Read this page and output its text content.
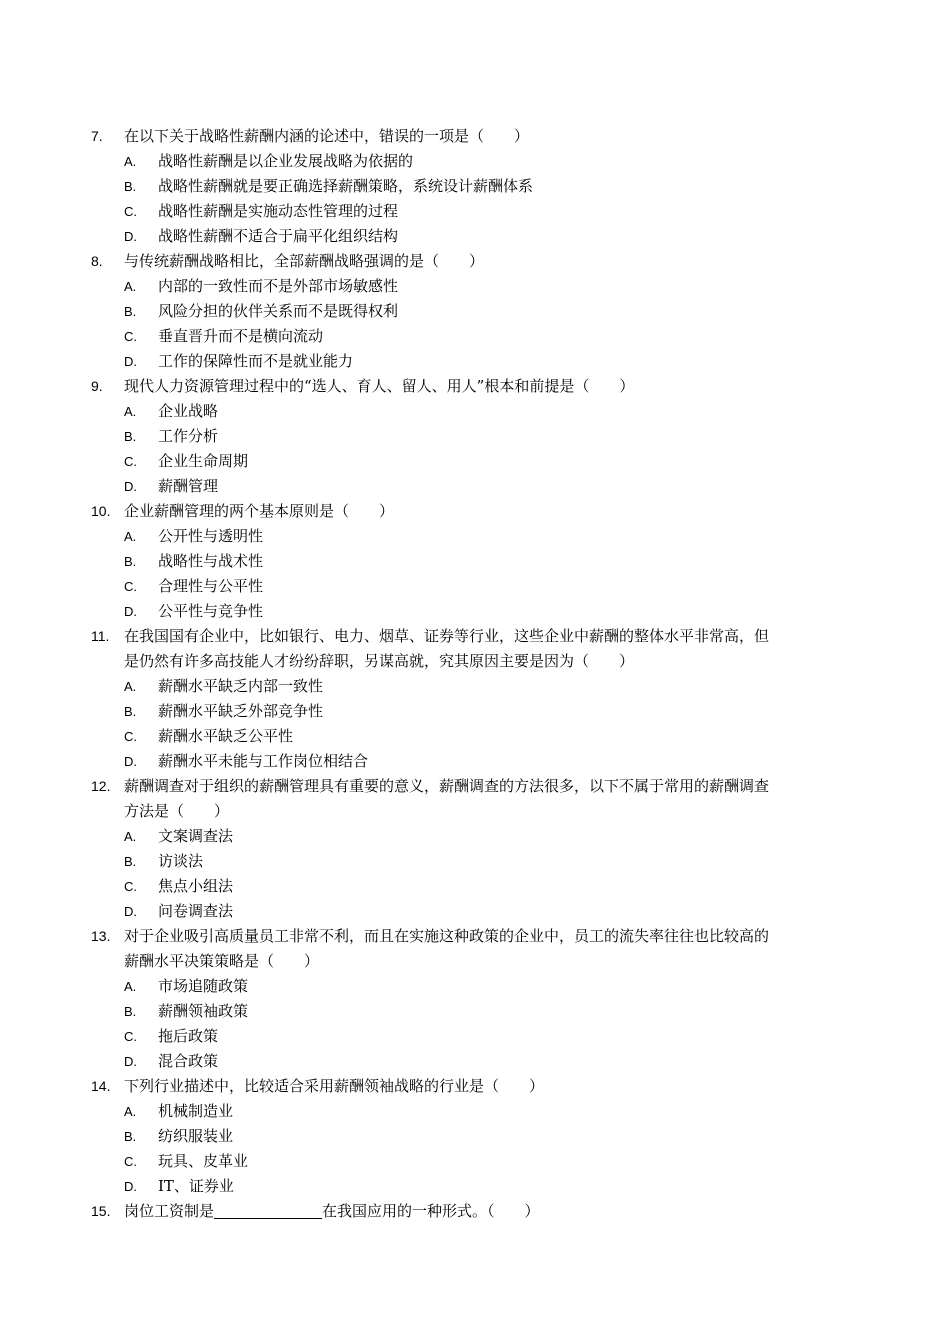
7. 在以下关于战略性薪酬内涵的论述中，错误的一项是（　　）
A. 战略性薪酬是以企业发展战略为依据的
B. 战略性薪酬就是要正确选择薪酬策略，系统设计薪酬体系
C. 战略性薪酬是实施动态性管理的过程
D. 战略性薪酬不适合于扁平化组织结构
8. 与传统薪酬战略相比，全部薪酬战略强调的是（　　）
A. 内部的一致性而不是外部市场敏感性
B. 风险分担的伙伴关系而不是既得权利
C. 垂直晋升而不是横向流动
D. 工作的保障性而不是就业能力
9. 现代人力资源管理过程中的“选人、育人、留人、用人”根本和前提是（　　）
A. 企业战略
B. 工作分析
C. 企业生命周期
D. 薪酬管理
10. 企业薪酬管理的两个基本原则是（　　）
A. 公开性与透明性
B. 战略性与战术性
C. 合理性与公平性
D. 公平性与竞争性
11. 在我国国有企业中，比如银行、电力、烟草、证券等行业，这些企业中薪酬的整体水平非常高，但
是仍然有许多高技能人才纷纷辞职，另谋高就，究其原因主要是因为（　　）
A. 薪酬水平缺乏内部一致性
B. 薪酬水平缺乏外部竞争性
C. 薪酬水平缺乏公平性
D. 薪酬水平未能与工作岗位相结合
12. 薪酬调查对于组织的薪酬管理具有重要的意义，薪酬调查的方法很多，以下不属于常用的薪酬调查
方法是（　　）
A. 文案调查法
B. 访谈法
C. 焦点小组法
D. 问卷调查法
13. 对于企业吸引高质量员工非常不利，而且在实施这种政策的企业中，员工的流失率往往也比较高的
薪酬水平决策策略是（　　）
A. 市场追随政策
B. 薪酬领袖政策
C. 拖后政策
D. 混合政策
14. 下列行业描述中，比较适合采用薪酬领袖战略的行业是（　　）
A. 机械制造业
B. 纺织服装业
C. 玩具、皮革业
D. IT、证券业
15. 岗位工资制是	在我国应用的一种形式。（　　）
